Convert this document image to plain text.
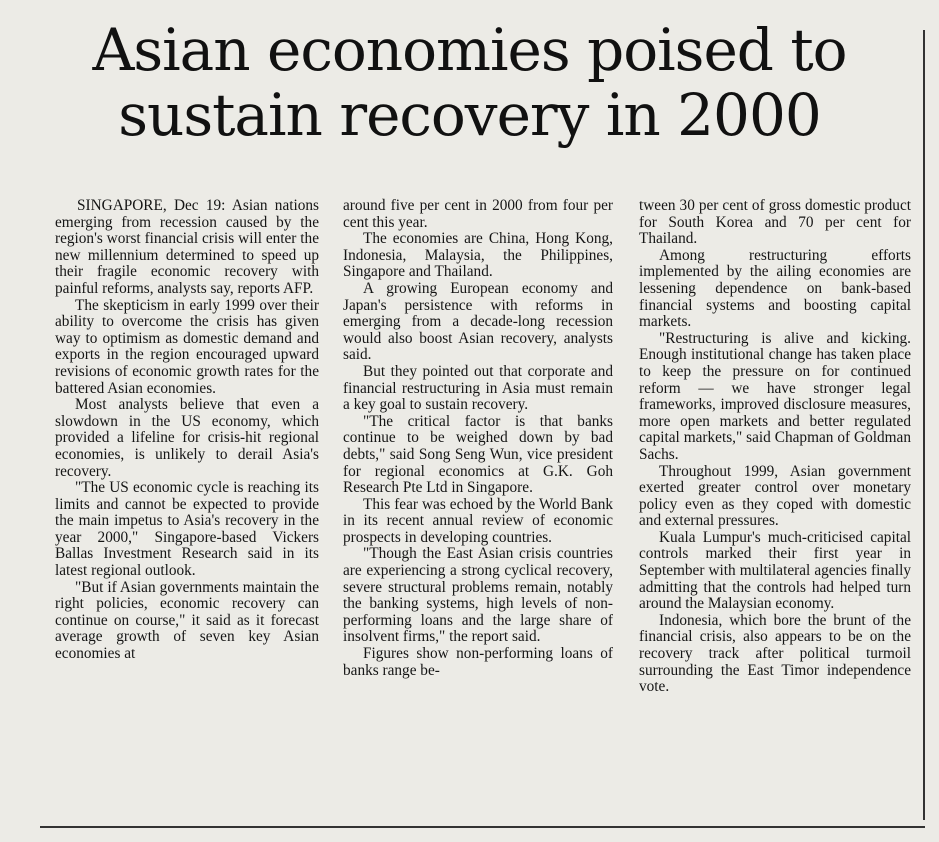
Asian economies poised to
sustain recovery in 2000

SINGAPORE, Dec 19: Asian nations emerging from recession caused by the region's worst financial crisis will enter the new millennium determined to speed up their fragile economic recovery with painful reforms, analysts say, reports AFP.

The skepticism in early 1999 over their ability to overcome the crisis has given way to optimism as domestic demand and exports in the region encouraged upward revisions of economic growth rates for the battered Asian economies.

Most analysts believe that even a slowdown in the US economy, which provided a lifeline for crisis-hit regional economies, is unlikely to derail Asia's recovery.

"The US economic cycle is reaching its limits and cannot be expected to provide the main impetus to Asia's recovery in the year 2000," Singapore-based Vickers Ballas Investment Research said in its latest regional outlook.

"But if Asian governments maintain the right policies, economic recovery can continue on course," it said as it forecast average growth of seven key Asian economies at

around five per cent in 2000 from four per cent this year.

The economies are China, Hong Kong, Indonesia, Malaysia, the Philippines, Singapore and Thailand.

A growing European economy and Japan's persistence with reforms in emerging from a decade-long recession would also boost Asian recovery, analysts said.

But they pointed out that corporate and financial restructuring in Asia must remain a key goal to sustain recovery.

"The critical factor is that banks continue to be weighed down by bad debts," said Song Seng Wun, vice president for regional economics at G.K. Goh Research Pte Ltd in Singapore.

This fear was echoed by the World Bank in its recent annual review of economic prospects in developing countries.

"Though the East Asian crisis countries are experiencing a strong cyclical recovery, severe structural problems remain, notably the banking systems, high levels of non-performing loans and the large share of insolvent firms," the report said.

Figures show non-performing loans of banks range be-

tween 30 per cent of gross domestic product for South Korea and 70 per cent for Thailand.

Among restructuring efforts implemented by the ailing economies are lessening dependence on bank-based financial systems and boosting capital markets.

"Restructuring is alive and kicking. Enough institutional change has taken place to keep the pressure on for continued reform — we have stronger legal frameworks, improved disclosure measures, more open markets and better regulated capital markets," said Chapman of Goldman Sachs.

Throughout 1999, Asian government exerted greater control over monetary policy even as they coped with domestic and external pressures.

Kuala Lumpur's much-criticised capital controls marked their first year in September with multilateral agencies finally admitting that the controls had helped turn around the Malaysian economy.

Indonesia, which bore the brunt of the financial crisis, also appears to be on the recovery track after political turmoil surrounding the East Timor independence vote.
